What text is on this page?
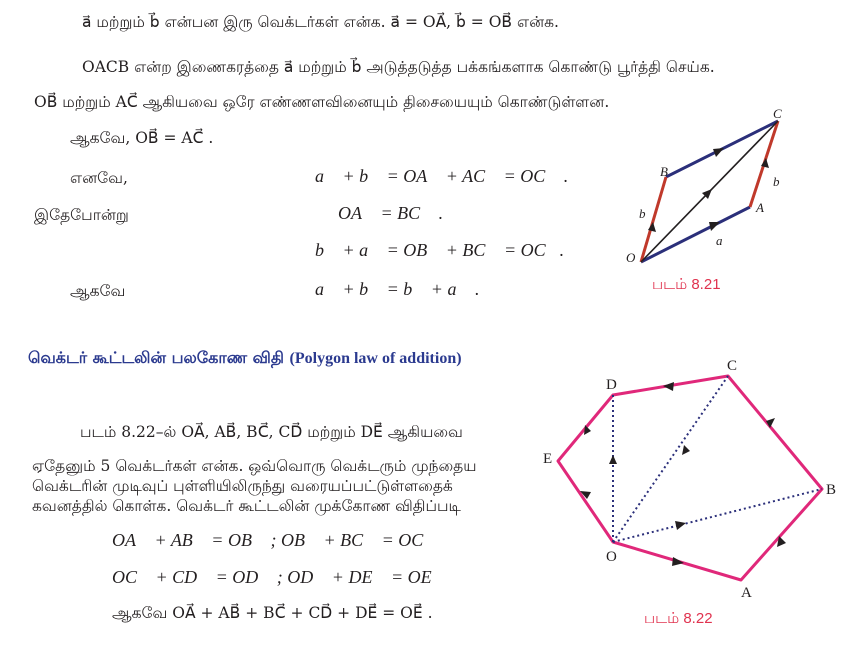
a⃗ மற்றும் b⃗ என்பன இரு வெக்டர்கள் என்க. a⃗ = OA⃗, b⃗ = OB⃗ என்க.
OACB என்ற இணைகரத்தை a⃗ மற்றும் b⃗ அடுத்தடுத்த பக்கங்களாக கொண்டு பூர்த்தி செய்க.
OB⃗ மற்றும் AC⃗ ஆகியவை ஒரே எண்ணளவினையும் திசையையும் கொண்டுள்ளன.
ஆகவே, OB⃗ = AC⃗ .
எனவே,	a⃗ + b⃗ = OA⃗ + AC⃗ = OC⃗ .
இதேபோன்று	OA⃗ = BC⃗ .
b⃗ + a⃗ = OB⃗ + BC⃗ = OC⃗.
ஆகவே	a⃗ + b⃗ = b⃗ + a⃗ .
O
A
B
C
a⃗
b⃗
b⃗
படம் 8.21
வெக்டர் கூட்டலின் பலகோண விதி (Polygon law of addition)
படம் 8.22–ல் OA⃗, AB⃗, BC⃗, CD⃗ மற்றும் DE⃗ ஆகியவை
ஏதேனும் 5 வெக்டர்கள் என்க. ஒவ்வொரு வெக்டரும் முந்தைய
வெக்டரின் முடிவுப் புள்ளியிலிருந்து வரையப்பட்டுள்ளதைக்
கவனத்தில் கொள்க. வெக்டர் கூட்டலின் முக்கோண விதிப்படி
OA⃗ + AB⃗ = OB⃗ ; OB⃗ + BC⃗ = OC⃗
OC⃗ + CD⃗ = OD⃗ ; OD⃗ + DE⃗ = OE⃗
ஆகவே OA⃗ + AB⃗ + BC⃗ + CD⃗ + DE⃗ = OE⃗ .
O
A
B
C
D
E
படம் 8.22
